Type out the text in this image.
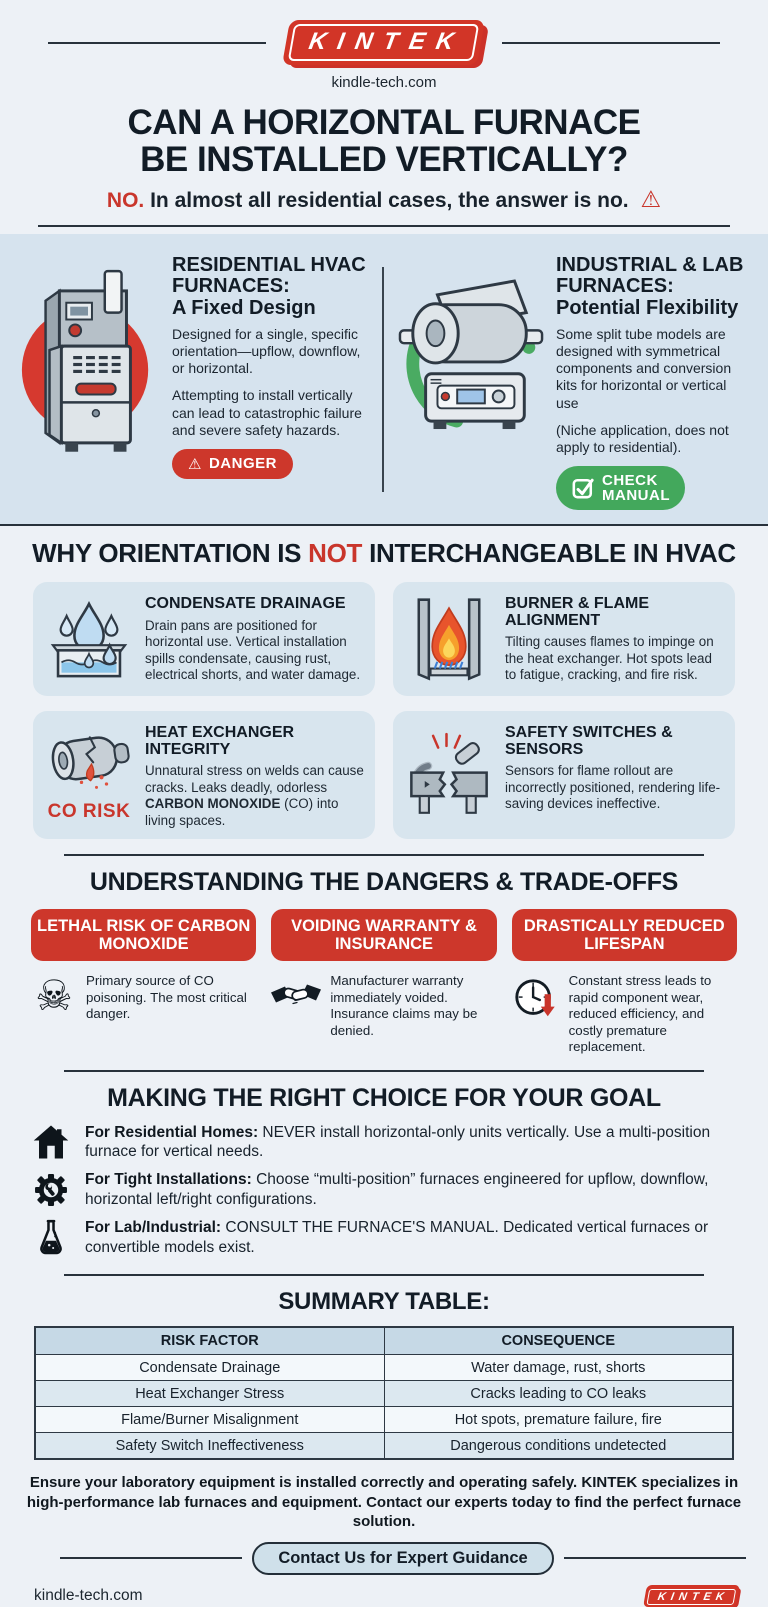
KINTEK
kindle-tech.com
CAN A HORIZONTAL FURNACE
BE INSTALLED VERTICALLY?
NO. In almost all residential cases, the answer is no. ⚠
RESIDENTIAL HVAC FURNACES:
A Fixed Design

Designed for a single, specific orientation—upflow, downflow, or horizontal.

Attempting to install vertically can lead to catastrophic failure and severe safety hazards.

⚠ DANGER
INDUSTRIAL & LAB FURNACES:
Potential Flexibility

Some split tube models are designed with symmetrical components and conversion kits for horizontal or vertical use

(Niche application, does not apply to residential).

CHECK
MANUAL
WHY ORIENTATION IS NOT INTERCHANGEABLE IN HVAC
CONDENSATE DRAINAGE
Drain pans are positioned for horizontal use. Vertical installation spills condensate, causing rust, electrical shorts, and water damage.
BURNER & FLAME ALIGNMENT
Tilting causes flames to impinge on the heat exchanger. Hot spots lead to fatigue, cracking, and fire risk.
CO RISK
HEAT EXCHANGER INTEGRITY
Unnatural stress on welds can cause cracks. Leaks deadly, odorless CARBON MONOXIDE (CO) into living spaces.
SAFETY SWITCHES & SENSORS
Sensors for flame rollout are incorrectly positioned, rendering life-saving devices ineffective.
UNDERSTANDING THE DANGERS & TRADE-OFFS
LETHAL RISK OF CARBON MONOXIDE
VOIDING WARRANTY & INSURANCE
DRASTICALLY REDUCED LIFESPAN
☠ Primary source of CO poisoning. The most critical danger.

Manufacturer warranty immediately voided. Insurance claims may be denied.

Constant stress leads to rapid component wear, reduced efficiency, and costly premature replacement.

MAKING THE RIGHT CHOICE FOR YOUR GOAL

For Residential Homes: NEVER install horizontal-only units vertically. Use a multi-position furnace for vertical needs.

For Tight Installations: Choose “multi-position” furnaces engineered for upflow, downflow, horizontal left/right configurations.

For Lab/Industrial: CONSULT THE FURNACE'S MANUAL. Dedicated vertical furnaces or convertible models exist.

SUMMARY TABLE:
RISK FACTOR	CONSEQUENCE
Condensate Drainage	Water damage, rust, shorts
Heat Exchanger Stress	Cracks leading to CO leaks
Flame/Burner Misalignment	Hot spots, premature failure, fire
Safety Switch Ineffectiveness	Dangerous conditions undetected

Ensure your laboratory equipment is installed correctly and operating safely. KINTEK specializes in high-performance lab furnaces and equipment. Contact our experts today to find the perfect furnace solution.

Contact Us for Expert Guidance
kindle-tech.com	KINTEK
